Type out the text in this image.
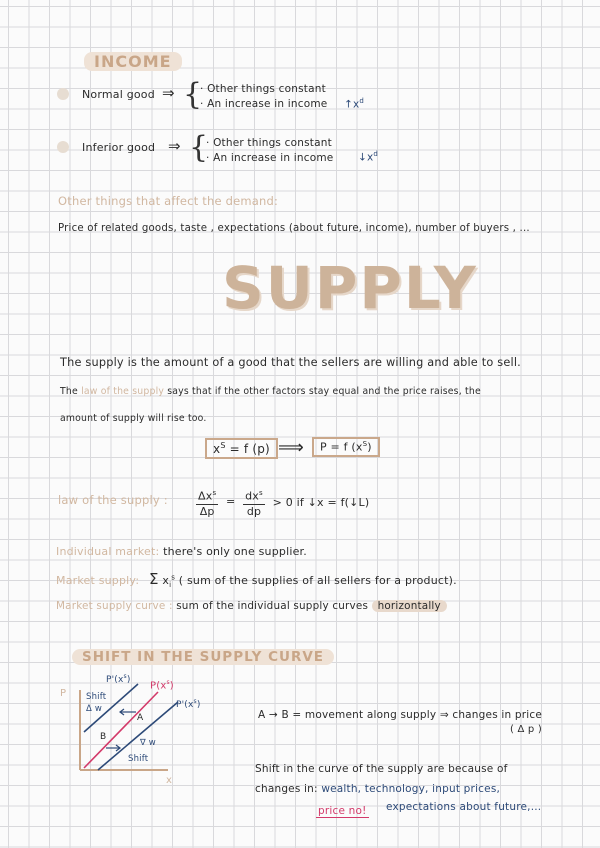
INCOME
Normal good ⇒ {
· Other things constant
· An increase in income $↑x^d$
Inferior good ⇒ {
· Other things constant
· An increase in income $↓x^d$
Other things that affect the demand:
Price of related goods, taste , expectations (about future, income), number of buyers , ...
SUPPLY
The supply is the amount of a good that the sellers are willing and able to sell.
The law of the supply says that if the other factors stay equal and the price raises, the
amount of supply will rise too.
$x^S = f$ (p) ⟹	P = f $(x^S)$
law of the supply :	$\frac{\Delta x^s}{\Delta p} = \frac{dx^s}{dp} > 0$ if ↓x = f(↓L)
Individual market: there's only one supplier.
Market supply: Σ $x_i^s$ ( sum of the supplies of all sellers for a product).
Market supply curve : sum of the individual supply curves horizontally
SHIFT IN THE SUPPLY CURVE
P
x
$P'(x^s)$
$P(x^s)$
$P'(x^s)$
Shift
Δ w
A
B
∇ w
Shift
A → B = movement along supply ⇒ changes in price
( Δ p )
Shift in the curve of the supply are because of
changes in: wealth, technology, input prices,
price no! expectations about future,...
